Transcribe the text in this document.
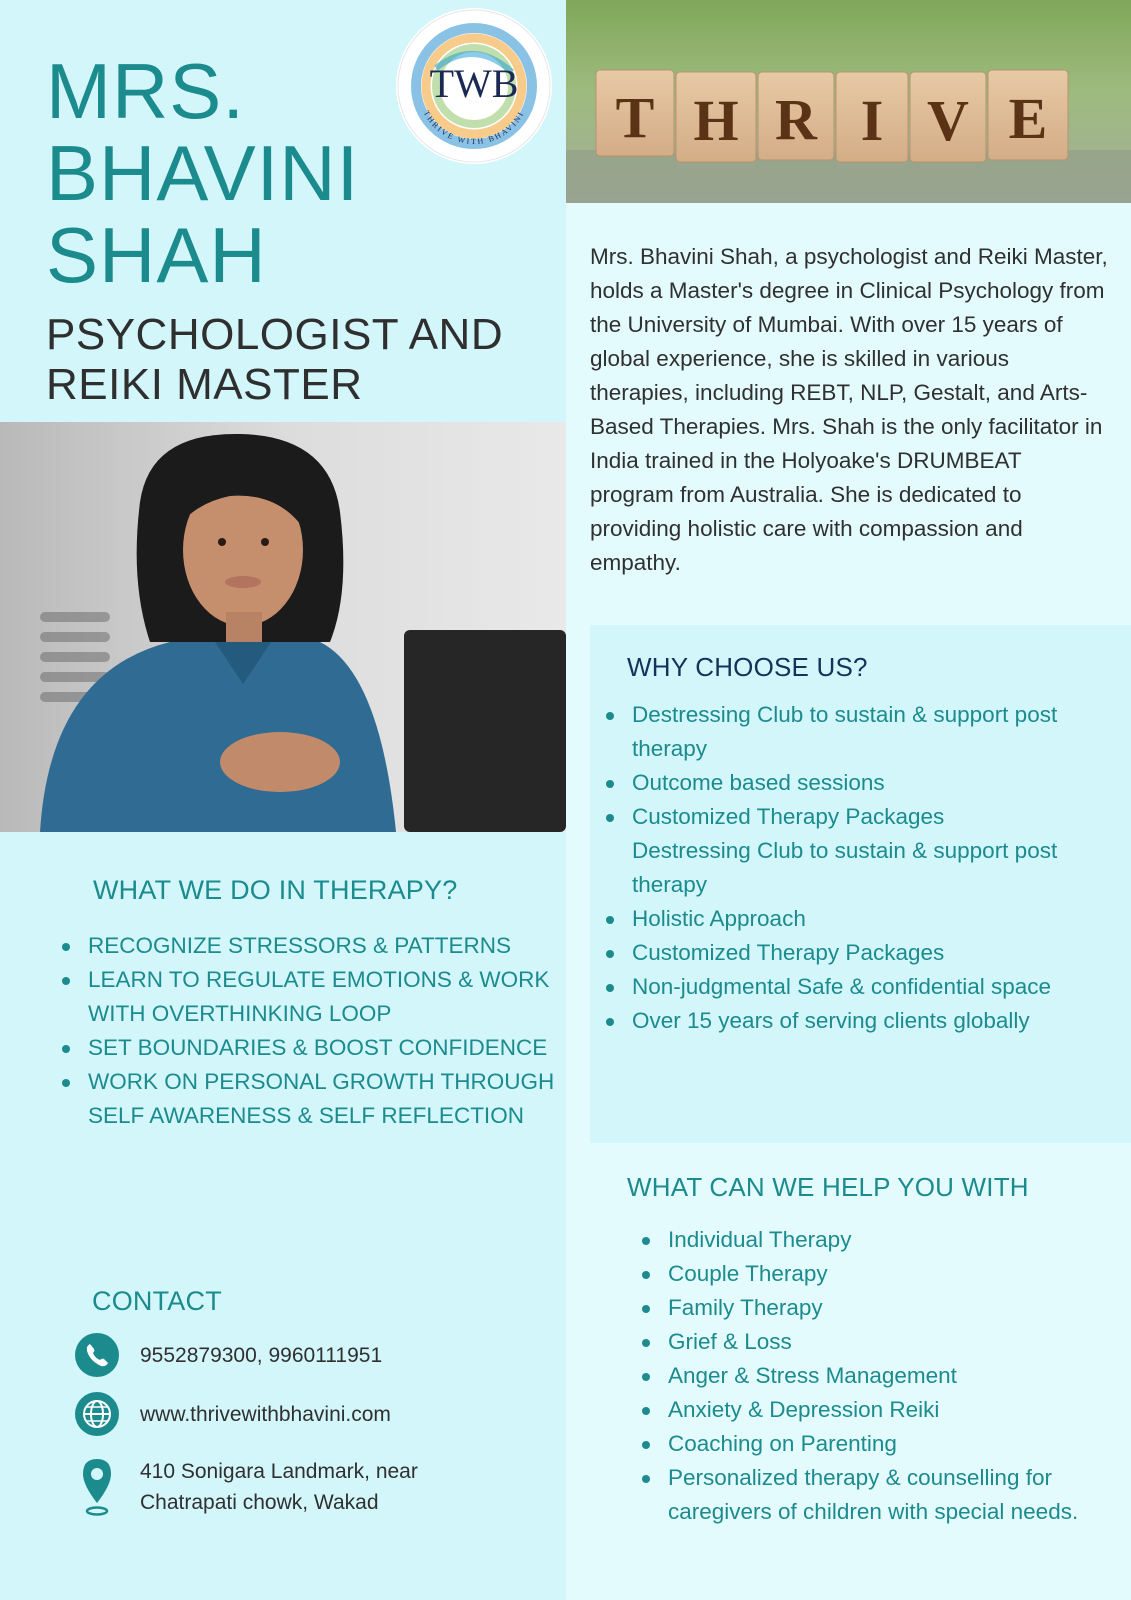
MRS.
BHAVINI
SHAH
PSYCHOLOGIST AND
REIKI MASTER
TWB
THRIVE WITH BHAVINI T H R I V E

Mrs. Bhavini Shah, a psychologist and Reiki Master, holds a Master's degree in Clinical Psychology from the University of Mumbai. With over 15 years of global experience, she is skilled in various therapies, including REBT, NLP, Gestalt, and Arts-Based Therapies. Mrs. Shah is the only facilitator in India trained in the Holyoake's DRUMBEAT program from Australia. She is dedicated to providing holistic care with compassion and empathy.

WHY CHOOSE US?
Destressing Club to sustain & support post therapy
Outcome based sessions
Customized Therapy Packages
Destressing Club to sustain & support post therapy
Holistic Approach
Customized Therapy Packages
Non-judgmental Safe & confidential space
Over 15 years of serving clients globally
WHAT WE DO IN THERAPY?
RECOGNIZE STRESSORS & PATTERNS
LEARN TO REGULATE EMOTIONS & WORK WITH OVERTHINKING LOOP
SET BOUNDARIES & BOOST CONFIDENCE
WORK ON PERSONAL GROWTH THROUGH SELF AWARENESS & SELF REFLECTION
WHAT CAN WE HELP YOU WITH
Individual Therapy
Couple Therapy
Family Therapy
Grief & Loss
Anger & Stress Management
Anxiety & Depression Reiki
Coaching on Parenting
Personalized therapy & counselling for caregivers of children with special needs.
CONTACT
9552879300, 9960111951
www.thrivewithbhavini.com
410 Sonigara Landmark, near
Chatrapati chowk, Wakad
